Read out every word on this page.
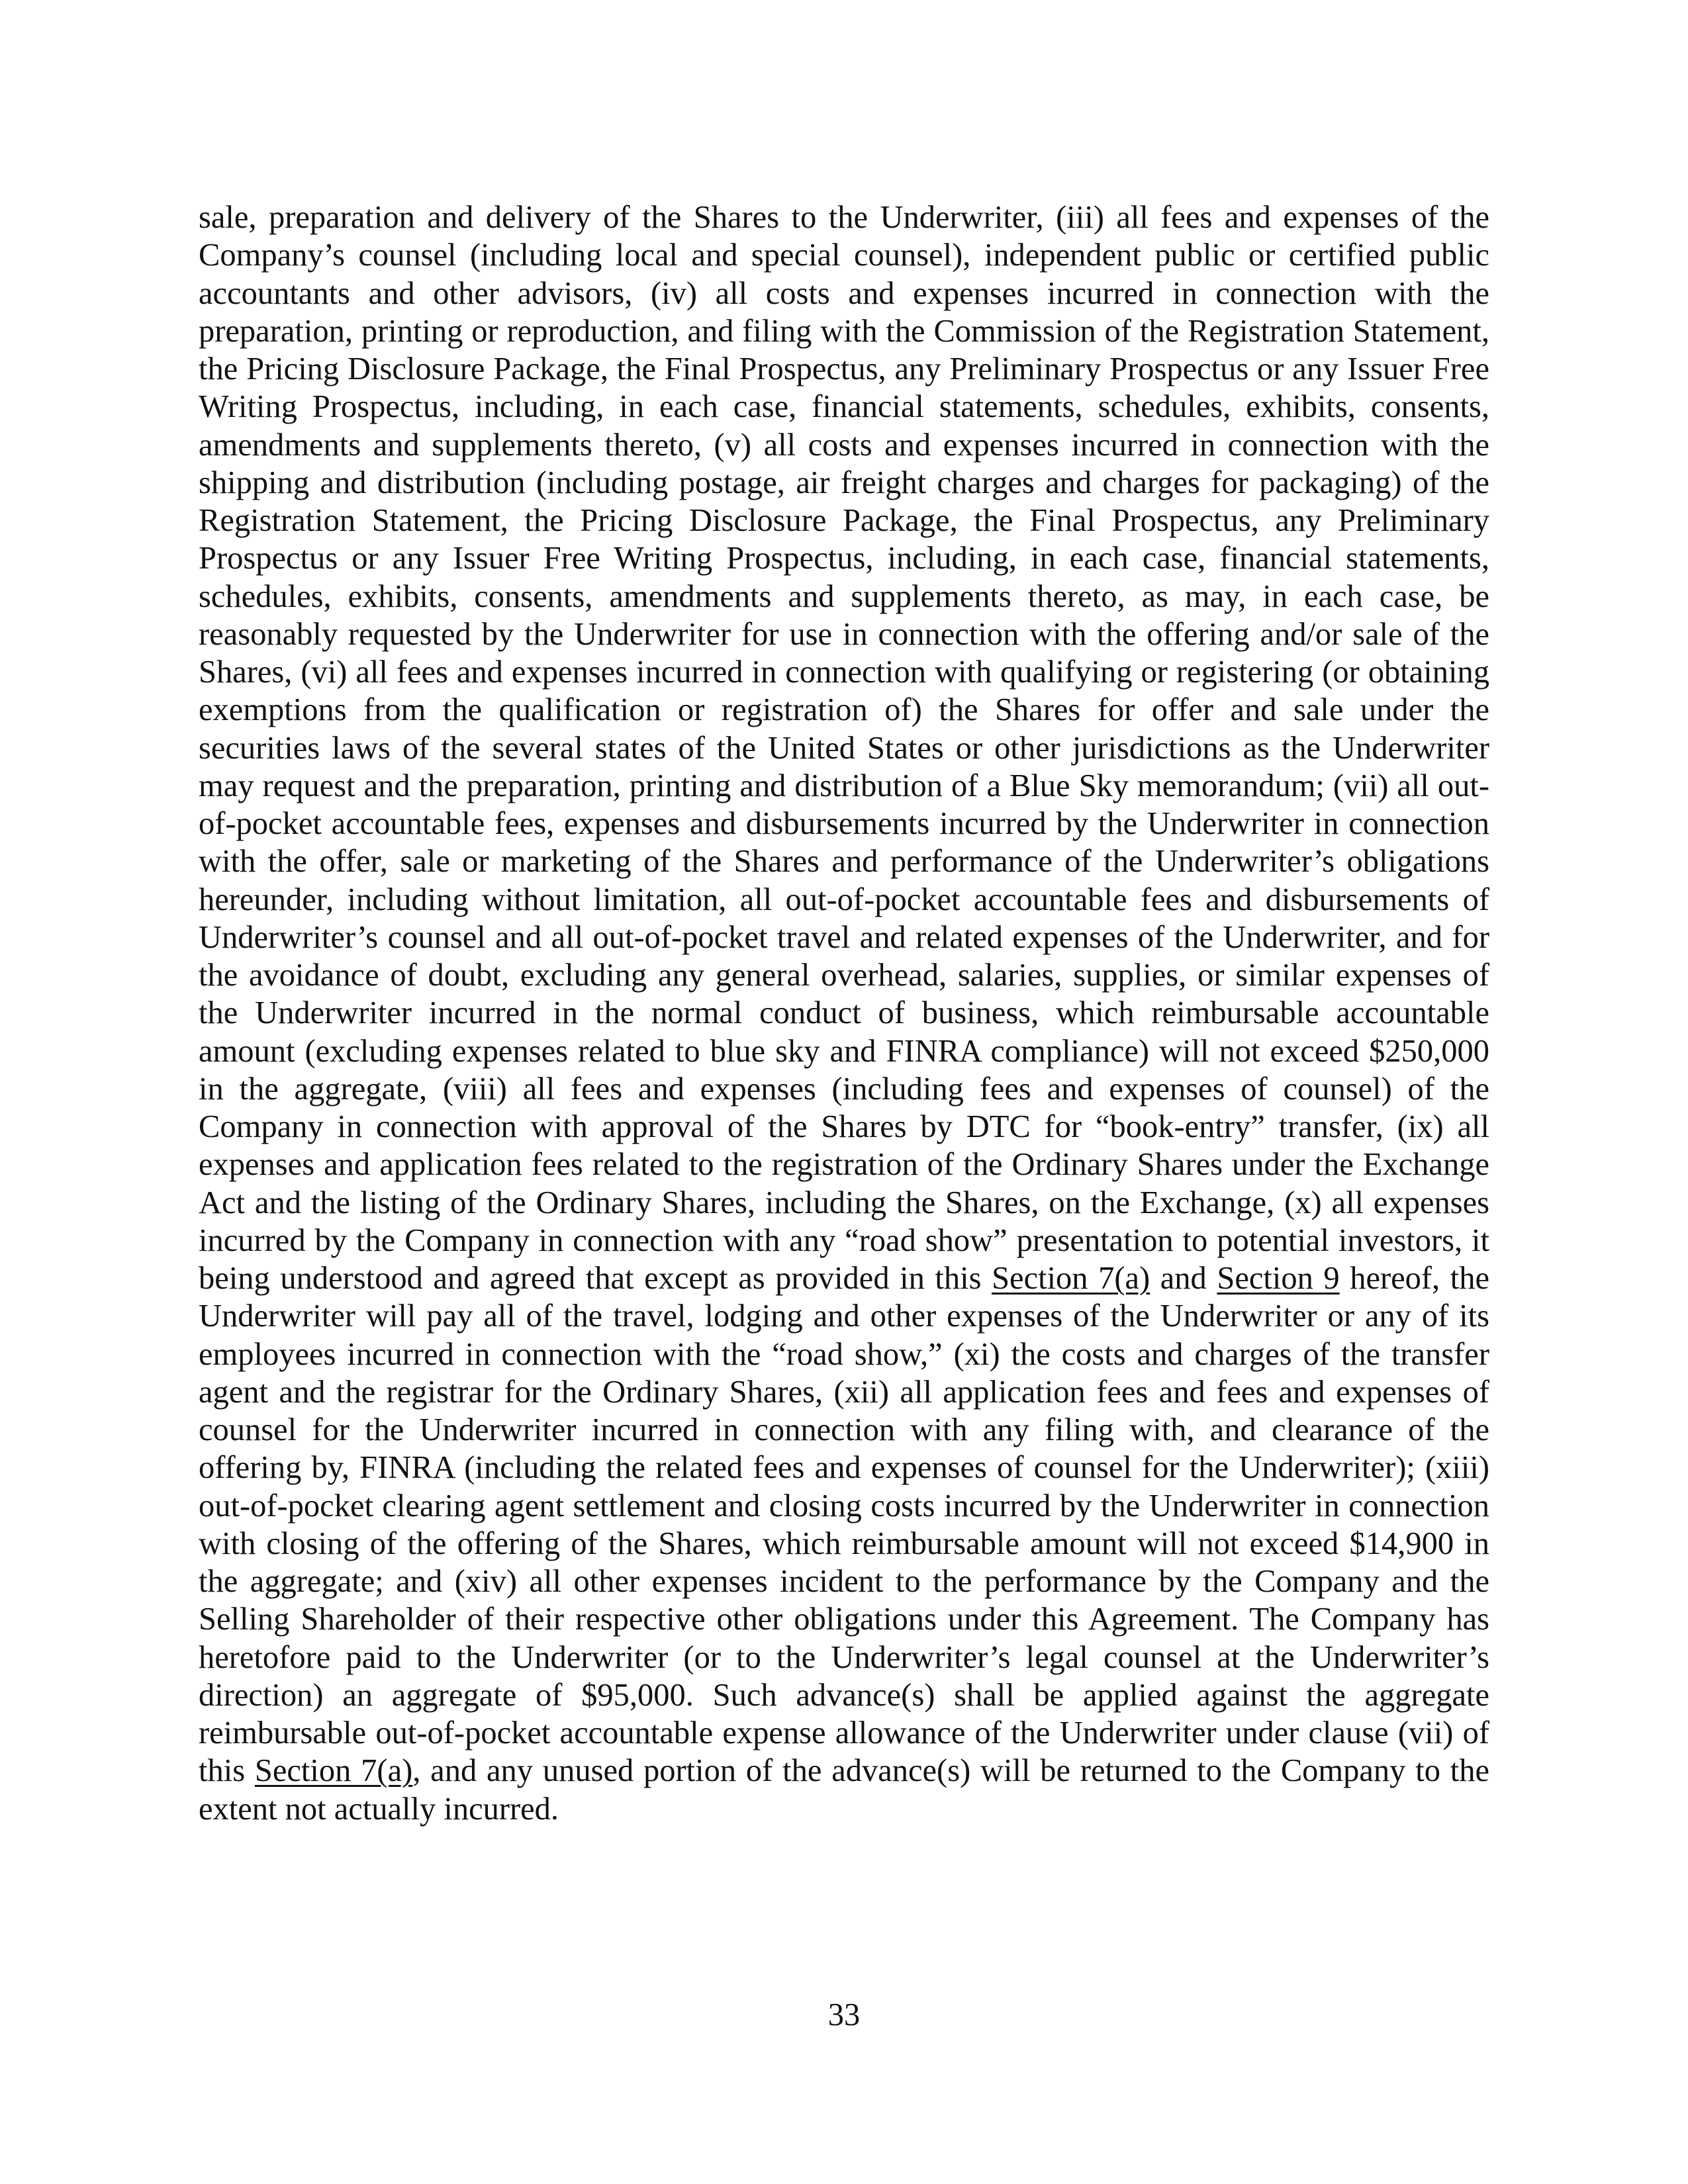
sale, preparation and delivery of the Shares to the Underwriter, (iii) all fees and expenses of the Company’s counsel (including local and special counsel), independent public or certified public accountants and other advisors, (iv) all costs and expenses incurred in connection with the preparation, printing or reproduction, and filing with the Commission of the Registration Statement, the Pricing Disclosure Package, the Final Prospectus, any Preliminary Prospectus or any Issuer Free Writing Prospectus, including, in each case, financial statements, schedules, exhibits, consents, amendments and supplements thereto, (v) all costs and expenses incurred in connection with the shipping and distribution (including postage, air freight charges and charges for packaging) of the Registration Statement, the Pricing Disclosure Package, the Final Prospectus, any Preliminary Prospectus or any Issuer Free Writing Prospectus, including, in each case, financial statements, schedules, exhibits, consents, amendments and supplements thereto, as may, in each case, be reasonably requested by the Underwriter for use in connection with the offering and/or sale of the Shares, (vi) all fees and expenses incurred in connection with qualifying or registering (or obtaining exemptions from the qualification or registration of) the Shares for offer and sale under the securities laws of the several states of the United States or other jurisdictions as the Underwriter may request and the preparation, printing and distribution of a Blue Sky memorandum; (vii) all out-of-pocket accountable fees, expenses and disbursements incurred by the Underwriter in connection with the offer, sale or marketing of the Shares and performance of the Underwriter’s obligations hereunder, including without limitation, all out-of-pocket accountable fees and disbursements of Underwriter’s counsel and all out-of-pocket travel and related expenses of the Underwriter, and for the avoidance of doubt, excluding any general overhead, salaries, supplies, or similar expenses of the Underwriter incurred in the normal conduct of business, which reimbursable accountable amount (excluding expenses related to blue sky and FINRA compliance) will not exceed $250,000 in the aggregate, (viii) all fees and expenses (including fees and expenses of counsel) of the Company in connection with approval of the Shares by DTC for “book-entry” transfer, (ix) all expenses and application fees related to the registration of the Ordinary Shares under the Exchange Act and the listing of the Ordinary Shares, including the Shares, on the Exchange, (x) all expenses incurred by the Company in connection with any “road show” presentation to potential investors, it being understood and agreed that except as provided in this Section 7(a) and Section 9 hereof, the Underwriter will pay all of the travel, lodging and other expenses of the Underwriter or any of its employees incurred in connection with the “road show,” (xi) the costs and charges of the transfer agent and the registrar for the Ordinary Shares, (xii) all application fees and fees and expenses of counsel for the Underwriter incurred in connection with any filing with, and clearance of the offering by, FINRA (including the related fees and expenses of counsel for the Underwriter); (xiii) out-of-pocket clearing agent settlement and closing costs incurred by the Underwriter in connection with closing of the offering of the Shares, which reimbursable amount will not exceed $14,900 in the aggregate; and (xiv) all other expenses incident to the performance by the Company and the Selling Shareholder of their respective other obligations under this Agreement. The Company has heretofore paid to the Underwriter (or to the Underwriter’s legal counsel at the Underwriter’s direction) an aggregate of $95,000. Such advance(s) shall be applied against the aggregate reimbursable out-of-pocket accountable expense allowance of the Underwriter under clause (vii) of this Section 7(a), and any unused portion of the advance(s) will be returned to the Company to the extent not actually incurred.

33
